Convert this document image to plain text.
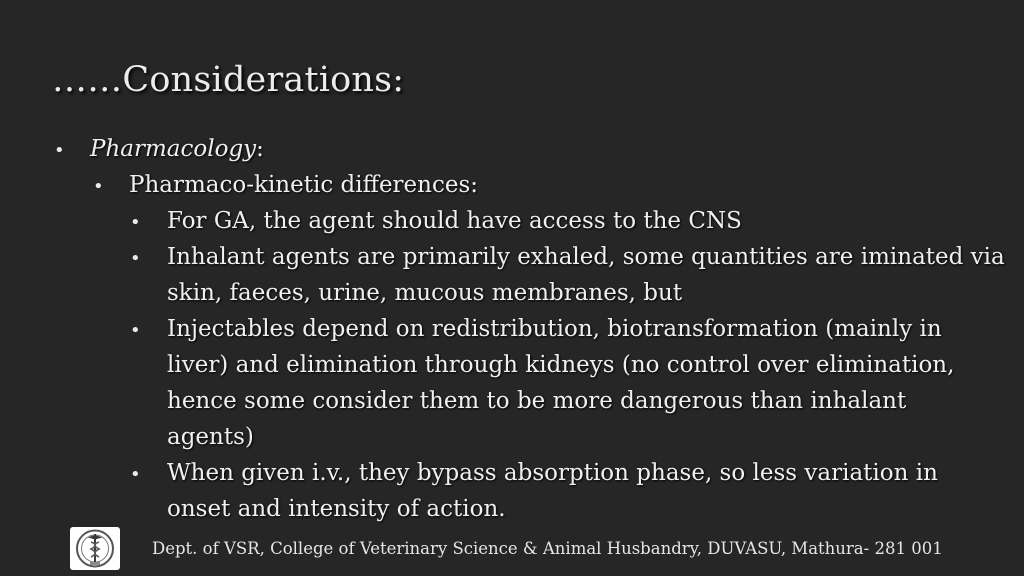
……Considerations:
• Pharmacology:
• Pharmaco-kinetic differences:
• For GA, the agent should have access to the CNS
• Inhalant agents are primarily exhaled, some quantities are iminated via
skin, faeces, urine, mucous membranes, but
• Injectables depend on redistribution, biotransformation (mainly in
liver) and elimination through kidneys (no control over elimination,
hence some consider them to be more dangerous than inhalant
agents)
• When given i.v., they bypass absorption phase, so less variation in
onset and intensity of action.
Dept. of VSR, College of Veterinary Science & Animal Husbandry, DUVASU, Mathura- 281 001
